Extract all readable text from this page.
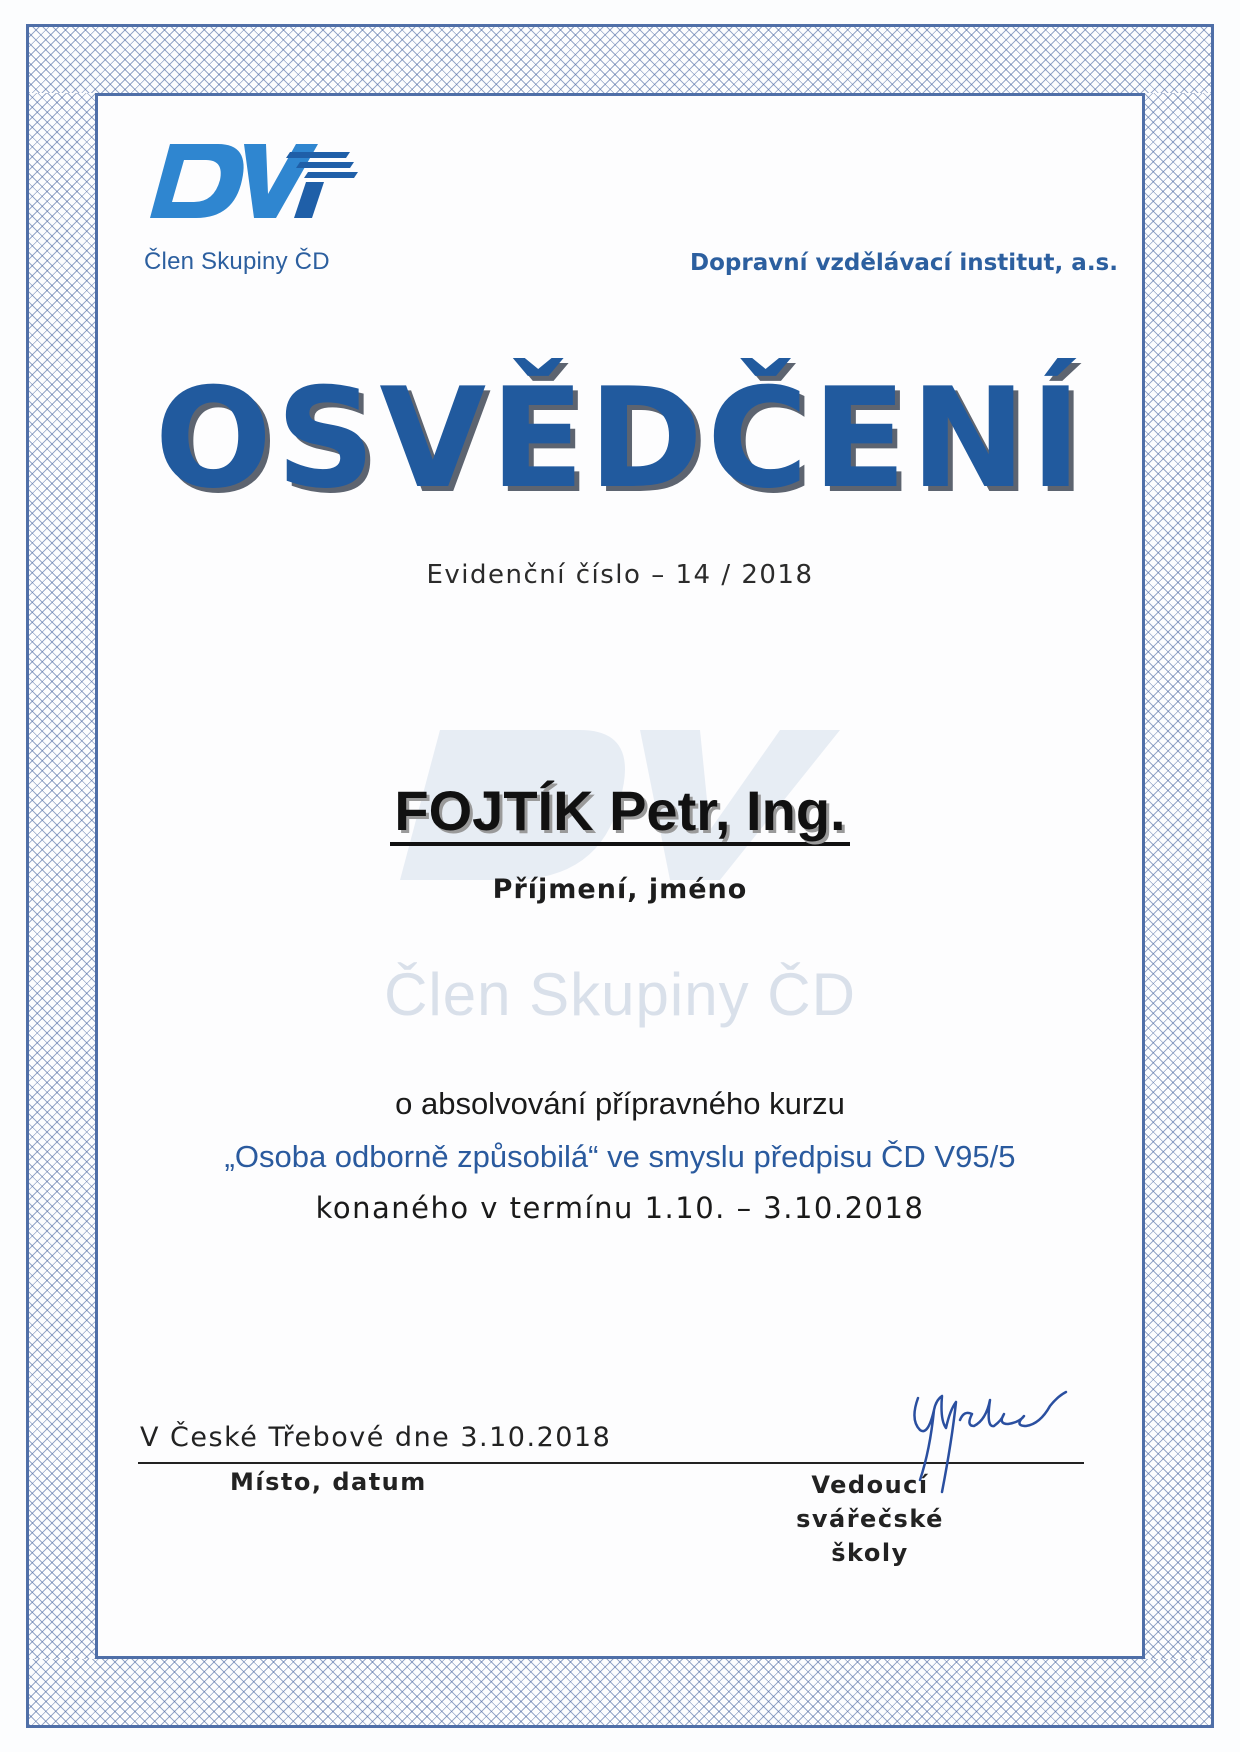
Člen Skupiny ČD
Člen Skupiny ČD	Dopravní vzdělávací institut, a.s.
OSVĚDČENÍ
Evidenční číslo – 14 / 2018
FOJTÍK Petr, Ing.
Příjmení, jméno
o absolvování přípravného kurzu
„Osoba odborně způsobilá“ ve smyslu předpisu ČD V95/5
konaného v termínu 1.10. – 3.10.2018
V České Třebové dne 3.10.2018
Místo, datum	Vedoucí
svářečské školy
